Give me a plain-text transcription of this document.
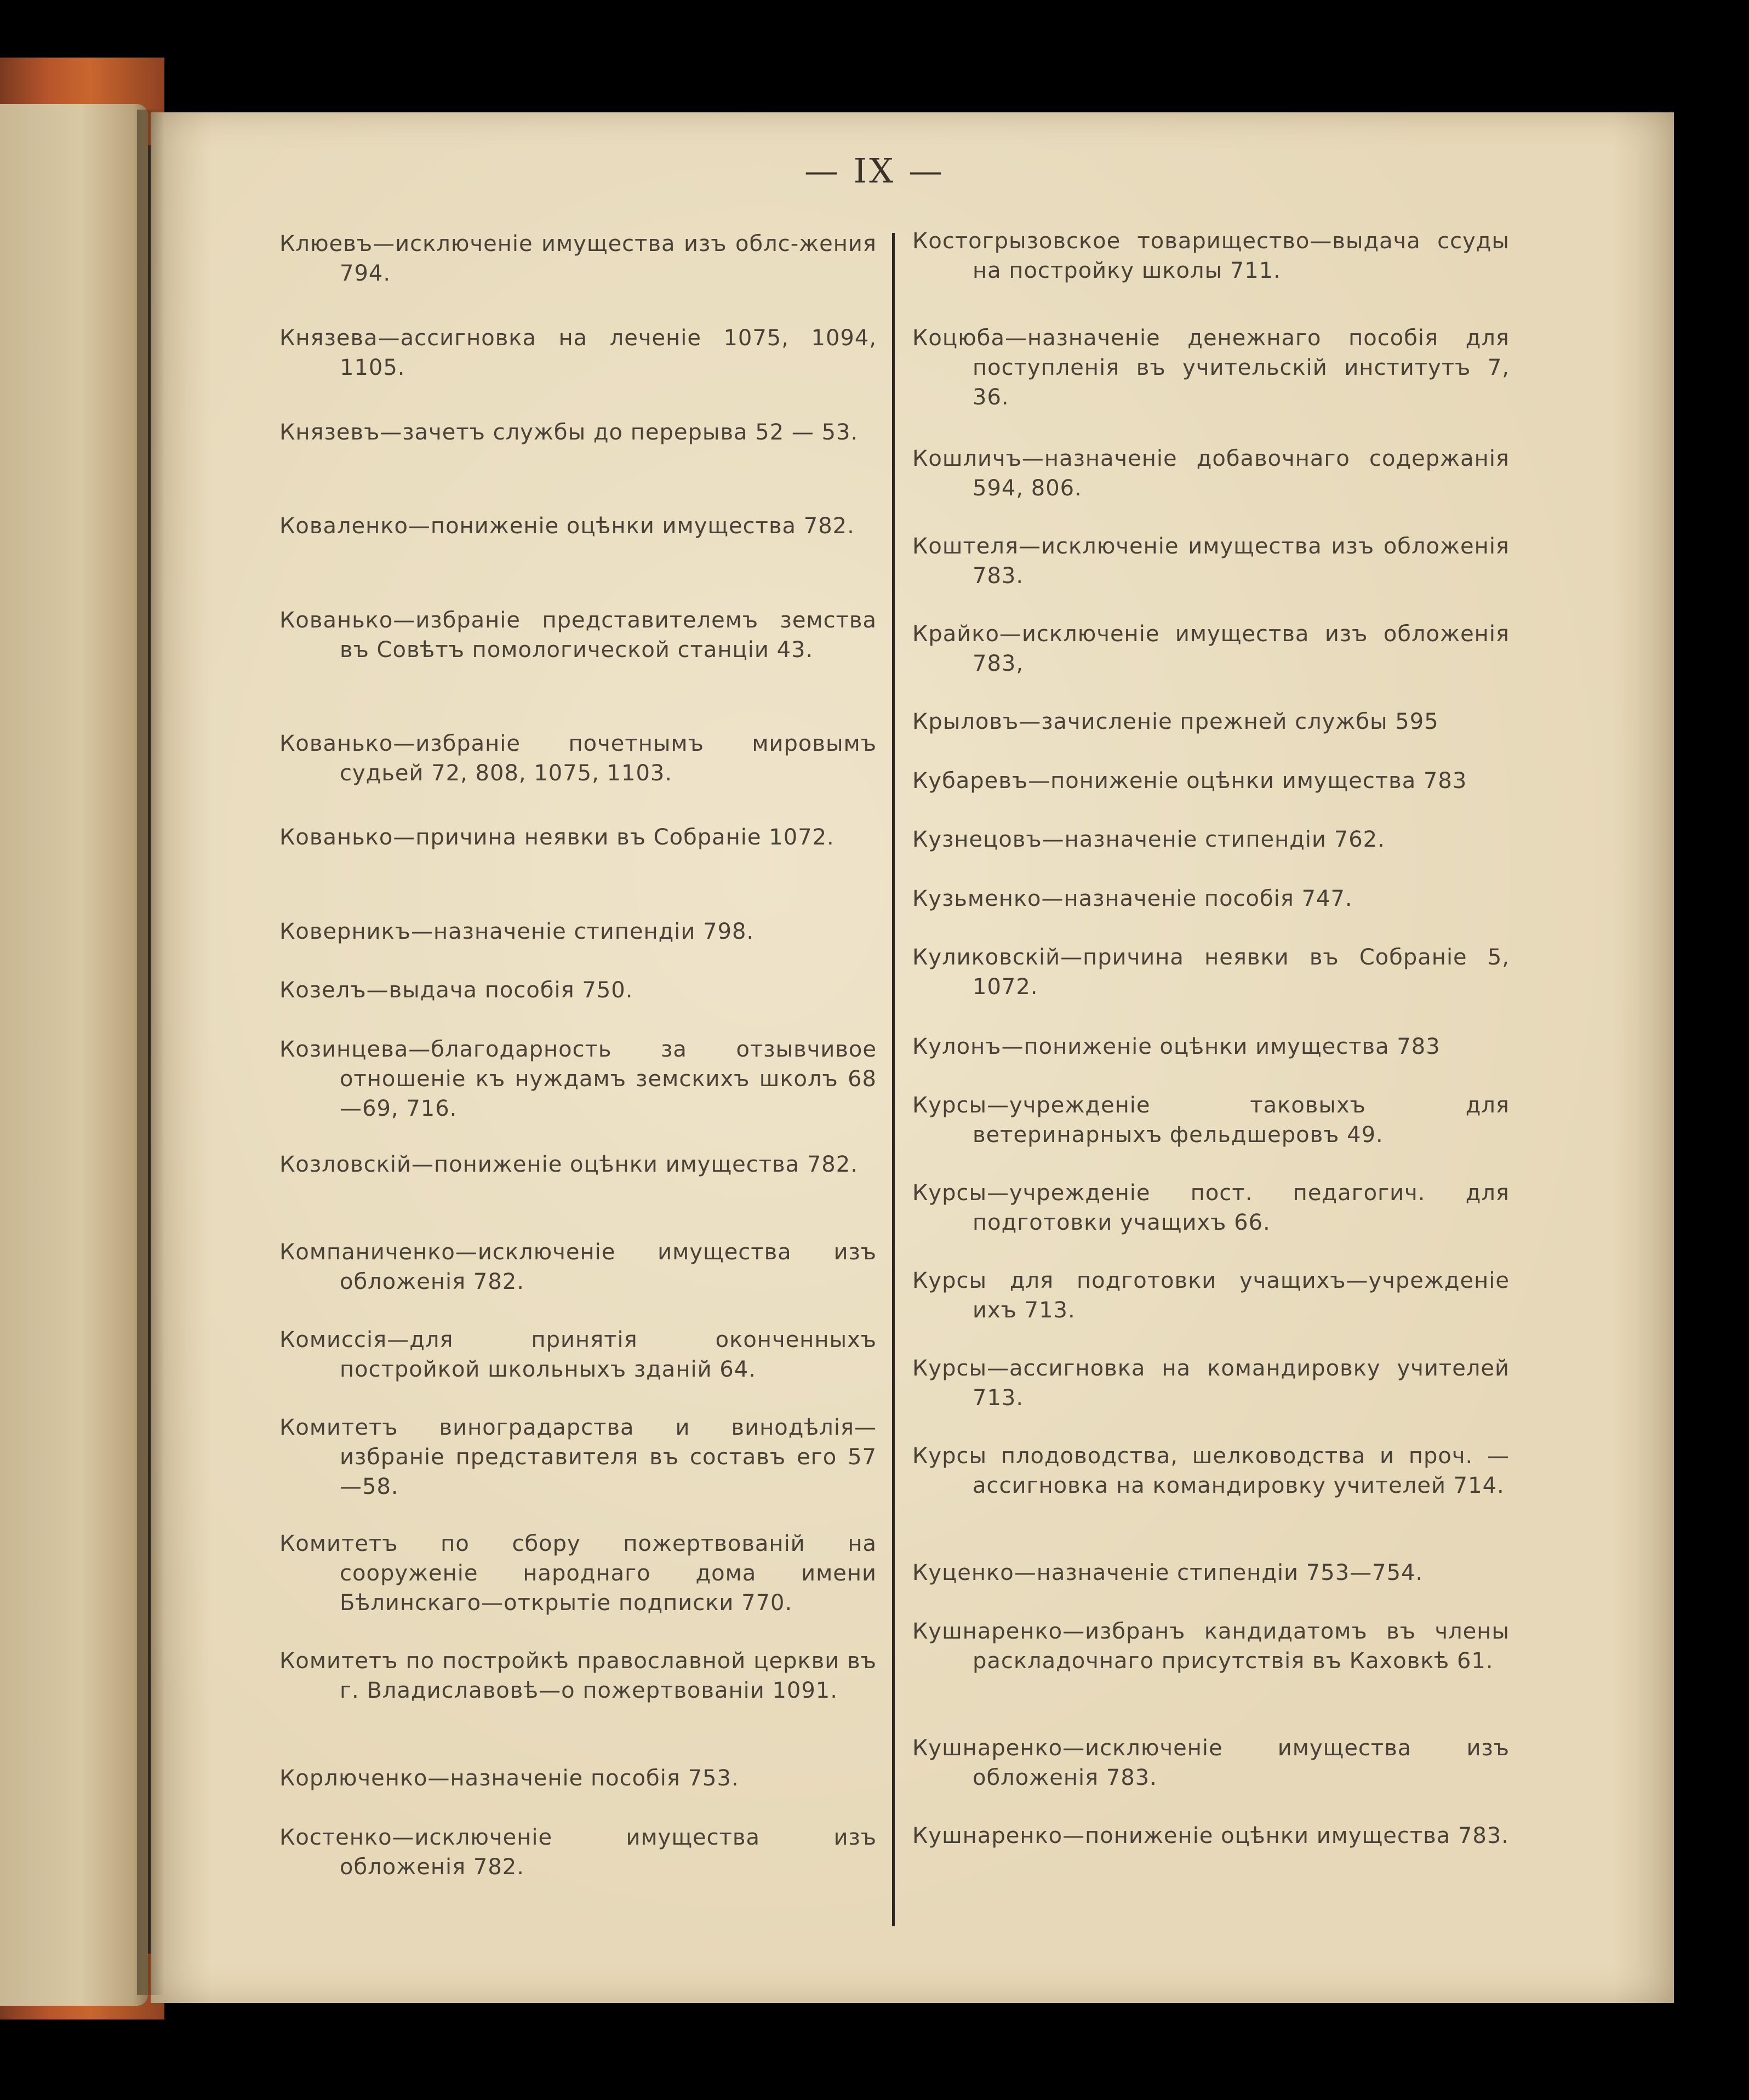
— IX —
Клюевъ—исключенiе имущества изъ облс-жения 794.
Князева—ассигновка на леченiе 1075, 1094, 1105.
Князевъ—зачетъ службы до перерыва 52 — 53.
Коваленко—пониженiе оцѣнки имущества 782.
Кованько—избранiе представителемъ земства въ Совѣтъ помологической станцiи 43.
Кованько—избранiе почетнымъ мировымъ судьей 72, 808, 1075, 1103.
Кованько—причина неявки въ Собранiе 1072.
Коверникъ—назначенiе стипендiи 798.
Козелъ—выдача пособiя 750.
Козинцева—благодарность за отзывчивое отношенiе къ нуждамъ земскихъ школъ 68—69, 716.
Козловскiй—пониженiе оцѣнки имущества 782.
Компаниченко—исключенiе имущества изъ обложенiя 782.
Комиссiя—для принятiя оконченныхъ постройкой школьныхъ зданiй 64.
Комитетъ виноградарства и винодѣлiя—избранiе представителя въ составъ его 57—58.
Комитетъ по сбору пожертвованiй на сооруженiе народнаго дома имени Бѣлинскаго—открытiе подписки 770.
Комитетъ по постройкѣ православной церкви въ г. Владиславовѣ—о пожертвованiи 1091.
Корлюченко—назначенiе пособiя 753.
Костенко—исключенiе имущества изъ обложенiя 782.
Костогрызовское товарищество—выдача ссуды на постройку школы 711.
Коцюба—назначенiе денежнаго пособiя для поступленiя въ учительскiй институтъ 7, 36.
Кошличъ—назначенiе добавочнаго содержанiя 594, 806.
Коштеля—исключенiе имущества изъ обложенiя 783.
Крайко—исключенiе имущества изъ обложенiя 783,
Крыловъ—зачисленiе прежней службы 595
Кубаревъ—пониженiе оцѣнки имущества 783
Кузнецовъ—назначенiе стипендiи 762.
Кузьменко—назначенiе пособiя 747.
Куликовскiй—причина неявки въ Собранiе 5, 1072.
Кулонъ—пониженiе оцѣнки имущества 783
Курсы—учрежденiе таковыхъ для ветеринарныхъ фельдшеровъ 49.
Курсы—учрежденiе пост. педагогич. для подготовки учащихъ 66.
Курсы для подготовки учащихъ—учрежденiе ихъ 713.
Курсы—ассигновка на командировку учителей 713.
Курсы плодоводства, шелководства и проч. —ассигновка на командировку учителей 714.
Куценко—назначенiе стипендiи 753—754.
Кушнаренко—избранъ кандидатомъ въ члены раскладочнаго присутствiя въ Каховкѣ 61.
Кушнаренко—исключенiе имущества изъ обложенiя 783.
Кушнаренко—пониженiе оцѣнки имущества 783.
